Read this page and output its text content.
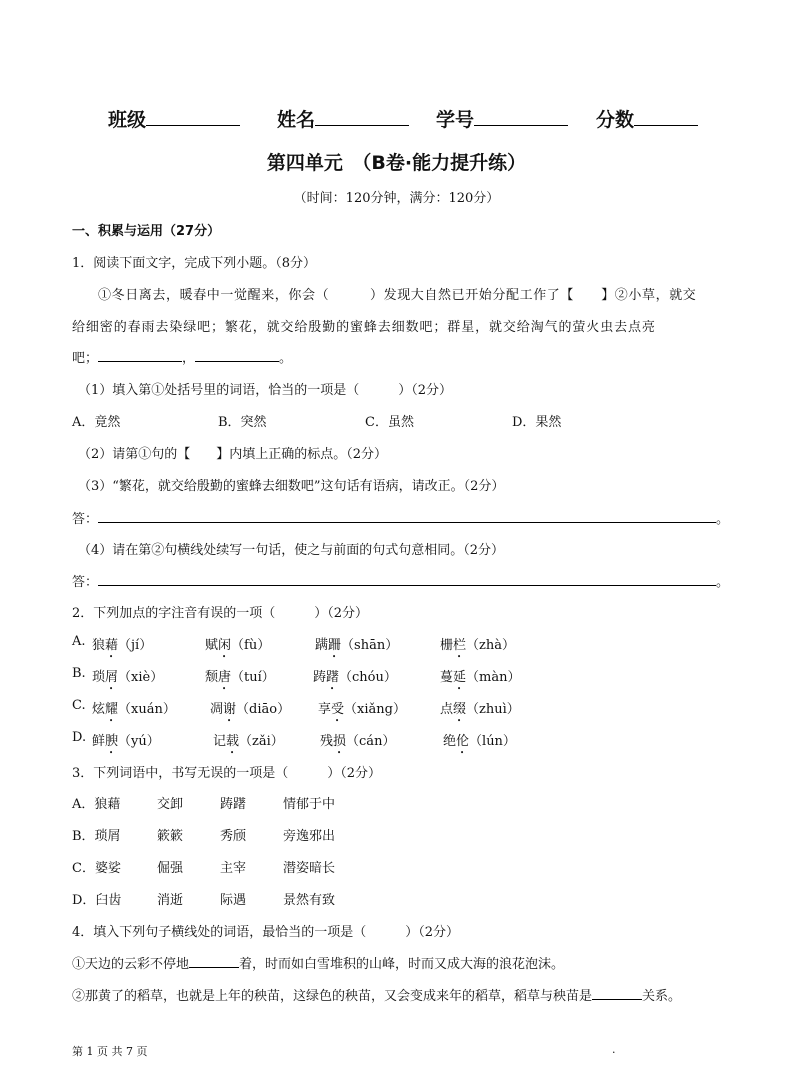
班级	姓名	学号	分数
第四单元　（B卷·能力提升练）
（时间：120分钟，满分：120分）
一、积累与运用（27分）
1．阅读下面文字，完成下列小题。（8分）
①冬日离去，暖春中一觉醒来，你会（　　　）发现大自然已开始分配工作了【　　】②小草，就交
给细密的春雨去染绿吧；繁花，就交给殷勤的蜜蜂去细数吧；群星，就交给淘气的萤火虫去点亮
吧；	，	。
（1）填入第①处括号里的词语，恰当的一项是（　　　）（2分）
A．竟然	B．突然	C．虽然	D．果然
（2）请第①句的【　　】内填上正确的标点。（2分）
（3）“繁花，就交给殷勤的蜜蜂去细数吧”这句话有语病，请改正。（2分）
答：	。
（4）请在第②句横线处续写一句话，使之与前面的句式句意相同。（2分）
答：	。
2．下列加点的字注音有误的一项（　　　）（2分）
A. 狼藉（jí）	赋闲（fù）	蹒跚（shān）	栅栏（zhà）
B. 琐屑（xiè）	颓唐（tuí）	踌躇（chóu）	蔓延（màn）
C. 炫耀（xuán）	凋谢（diāo） 享受（xiǎng）	点缀（zhuì）
D. 鲜腴（yú）	记载（zǎi）	残损（cán）	绝伦（lún）
3．下列词语中，书写无误的一项是（　　　）（2分）
A．狼藉	交卸	踌躇	情郁于中
B．琐屑	簌簌	秀颀	旁逸邪出
C．婆娑	倔强	主宰	潜姿暗长
D．臼齿	消逝	际遇	景然有致
4．填入下列句子横线处的词语，最恰当的一项是（　　　）（2分）
①天边的云彩不停地	着，时而如白雪堆积的山峰，时而又成大海的浪花泡沫。
②那黄了的稻草，也就是上年的秧苗，这绿色的秧苗，又会变成来年的稻草，稻草与秧苗是	关系。
第 1 页 共 7 页	.
